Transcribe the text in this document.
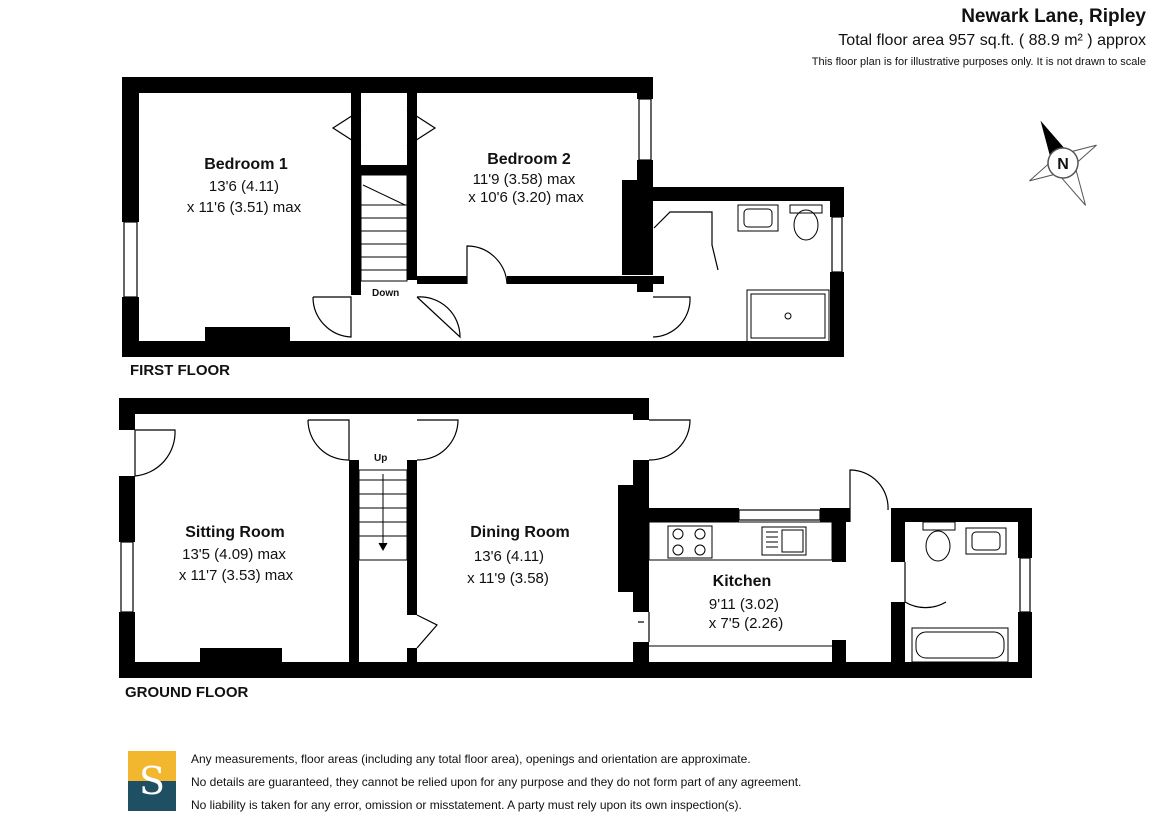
Newark Lane, Ripley
Total floor area 957 sq.ft. ( 88.9 m² ) approx
This floor plan is for illustrative purposes only. It is not drawn to scale
Down
Up
Bedroom 1
13'6 (4.11)
x 11'6 (3.51) max
Bedroom 2
11'9 (3.58) max
x 10'6 (3.20) max
Sitting Room
13'5 (4.09) max
x 11'7 (3.53) max
Dining Room
13'6 (4.11)
x 11'9 (3.58)	Kitchen
9'11 (3.02)
x 7'5 (2.26)
FIRST FLOOR
GROUND FLOOR
N
S	Any measurements, floor areas (including any total floor area), openings and orientation are approximate.
No details are guaranteed, they cannot be relied upon for any purpose and they do not form part of any agreement.
No liability is taken for any error, omission or misstatement. A party must rely upon its own inspection(s).
